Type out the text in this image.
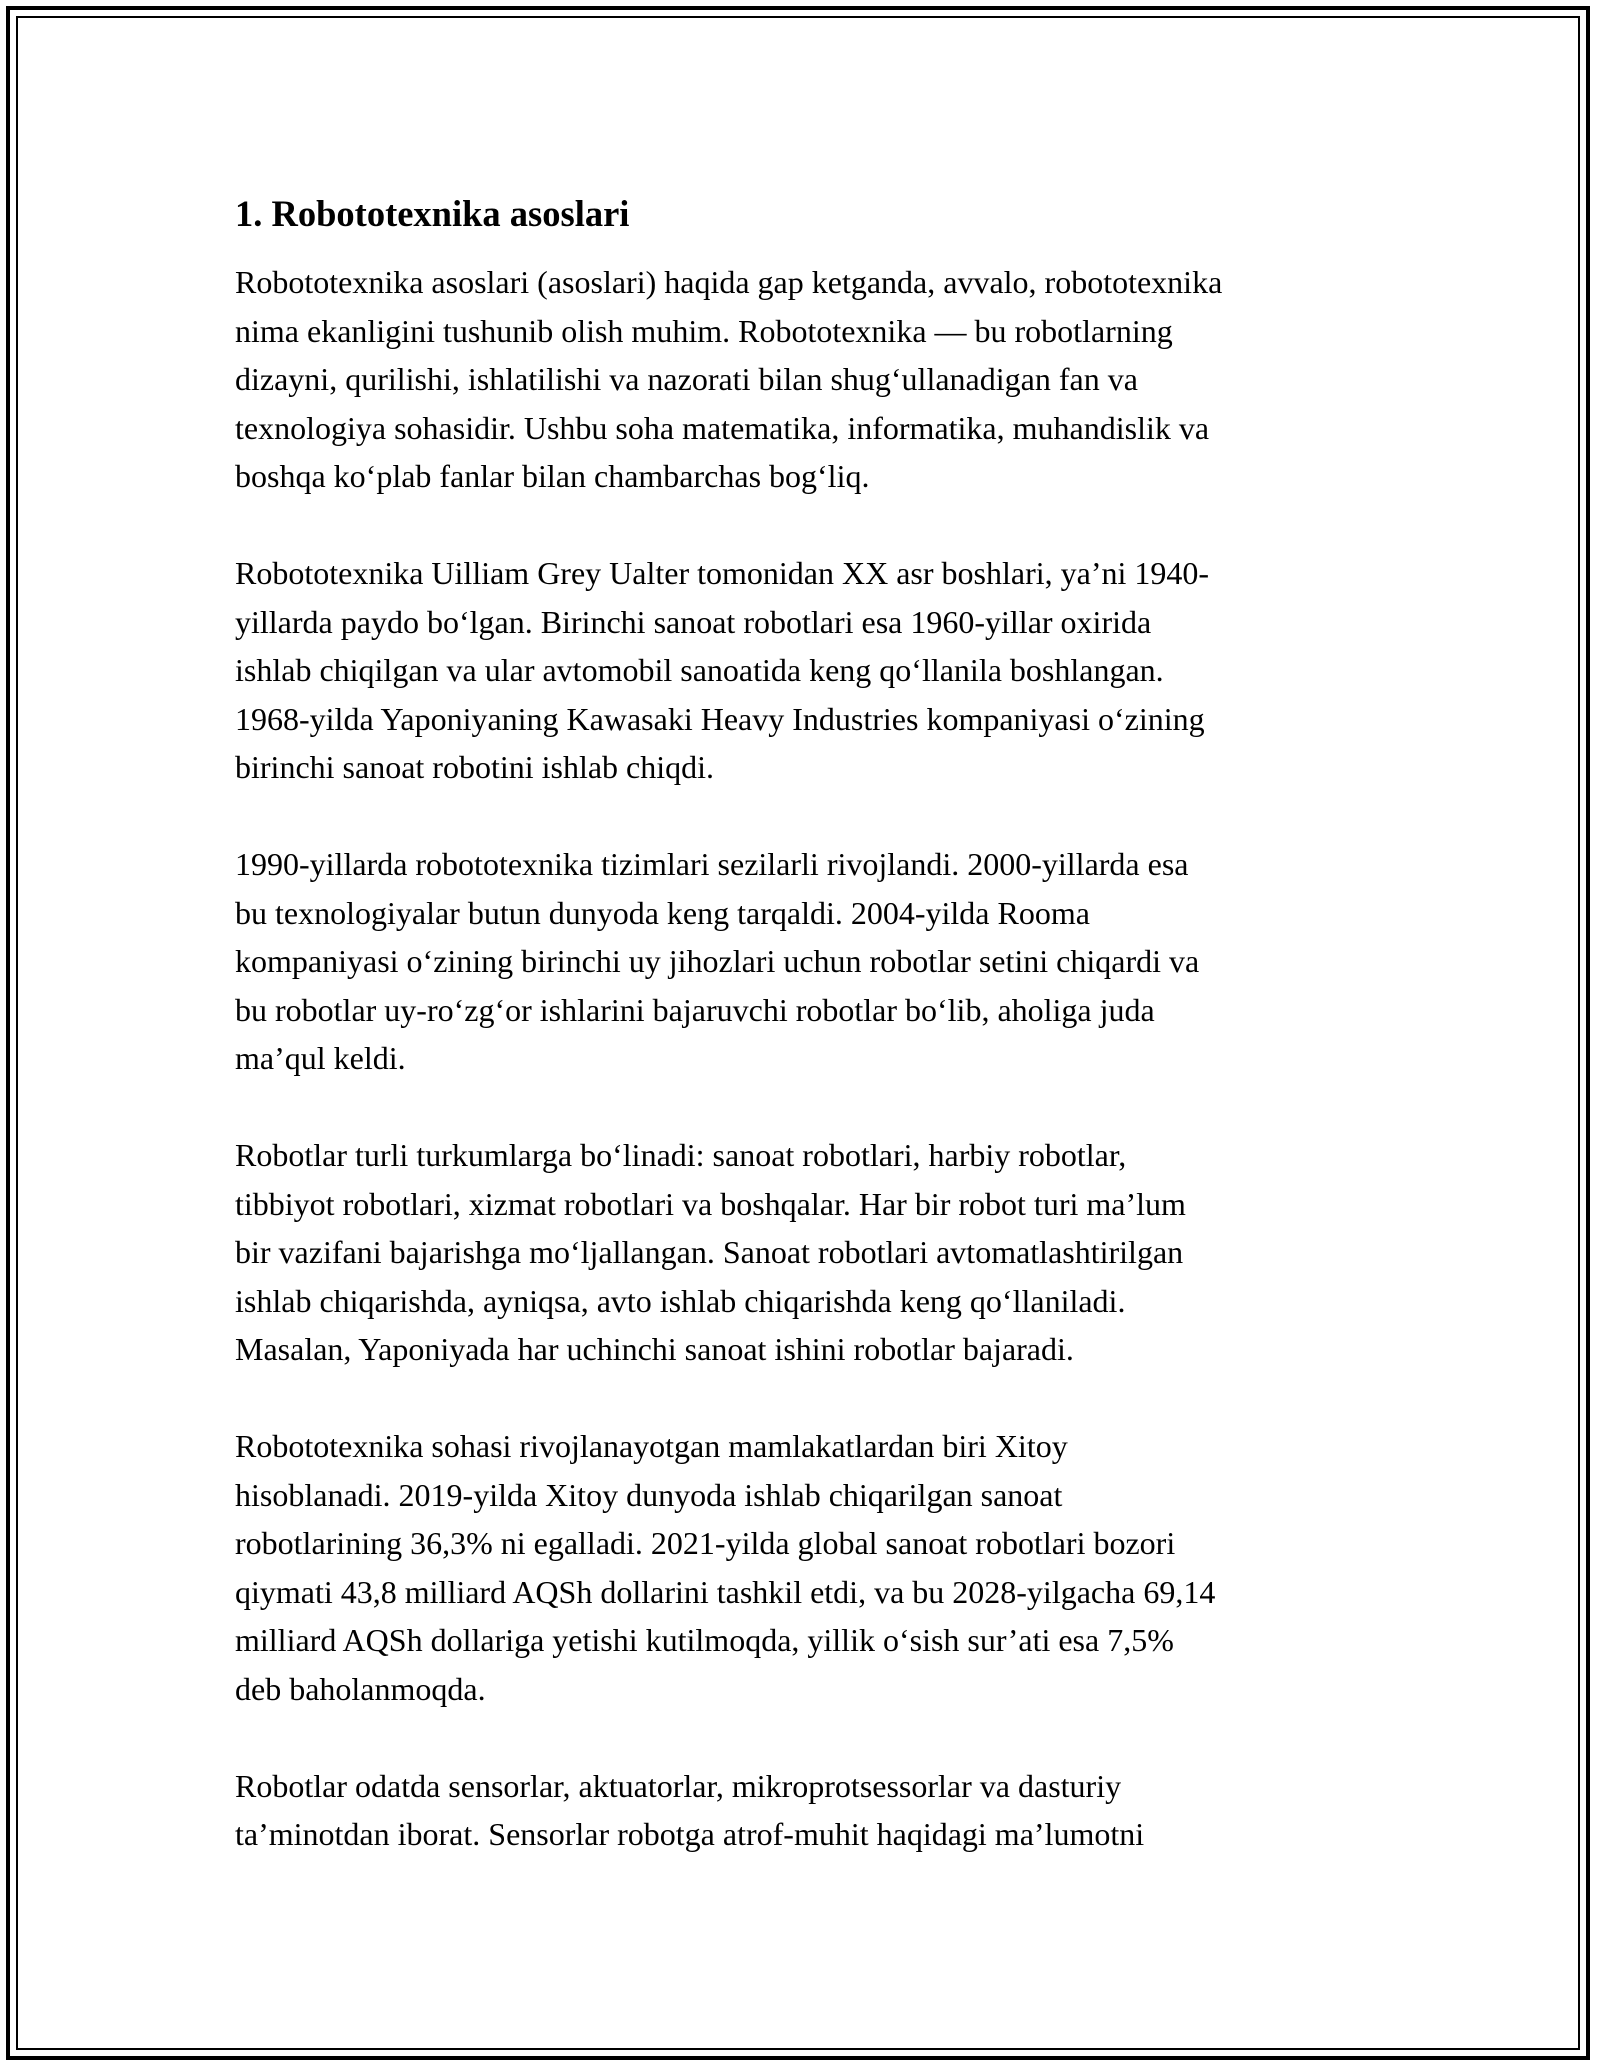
1. Robototexnika asoslari

Robototexnika asoslari (asoslari) haqida gap ketganda, avvalo, robototexnika
nima ekanligini tushunib olish muhim. Robototexnika — bu robotlarning
dizayni, qurilishi, ishlatilishi va nazorati bilan shug‘ullanadigan fan va
texnologiya sohasidir. Ushbu soha matematika, informatika, muhandislik va
boshqa ko‘plab fanlar bilan chambarchas bog‘liq.

Robototexnika Uilliam Grey Ualter tomonidan XX asr boshlari, ya’ni 1940-
yillarda paydo bo‘lgan. Birinchi sanoat robotlari esa 1960-yillar oxirida
ishlab chiqilgan va ular avtomobil sanoatida keng qo‘llanila boshlangan.
1968-yilda Yaponiyaning Kawasaki Heavy Industries kompaniyasi o‘zining
birinchi sanoat robotini ishlab chiqdi.

1990-yillarda robototexnika tizimlari sezilarli rivojlandi. 2000-yillarda esa
bu texnologiyalar butun dunyoda keng tarqaldi. 2004-yilda Rooma
kompaniyasi o‘zining birinchi uy jihozlari uchun robotlar setini chiqardi va
bu robotlar uy-ro‘zg‘or ishlarini bajaruvchi robotlar bo‘lib, aholiga juda
ma’qul keldi.

Robotlar turli turkumlarga bo‘linadi: sanoat robotlari, harbiy robotlar,
tibbiyot robotlari, xizmat robotlari va boshqalar. Har bir robot turi ma’lum
bir vazifani bajarishga mo‘ljallangan. Sanoat robotlari avtomatlashtirilgan
ishlab chiqarishda, ayniqsa, avto ishlab chiqarishda keng qo‘llaniladi.
Masalan, Yaponiyada har uchinchi sanoat ishini robotlar bajaradi.

Robototexnika sohasi rivojlanayotgan mamlakatlardan biri Xitoy
hisoblanadi. 2019-yilda Xitoy dunyoda ishlab chiqarilgan sanoat
robotlarining 36,3% ni egalladi. 2021-yilda global sanoat robotlari bozori
qiymati 43,8 milliard AQSh dollarini tashkil etdi, va bu 2028-yilgacha 69,14
milliard AQSh dollariga yetishi kutilmoqda, yillik o‘sish sur’ati esa 7,5%
deb baholanmoqda.

Robotlar odatda sensorlar, aktuatorlar, mikroprotsessorlar va dasturiy
ta’minotdan iborat. Sensorlar robotga atrof-muhit haqidagi ma’lumotni
